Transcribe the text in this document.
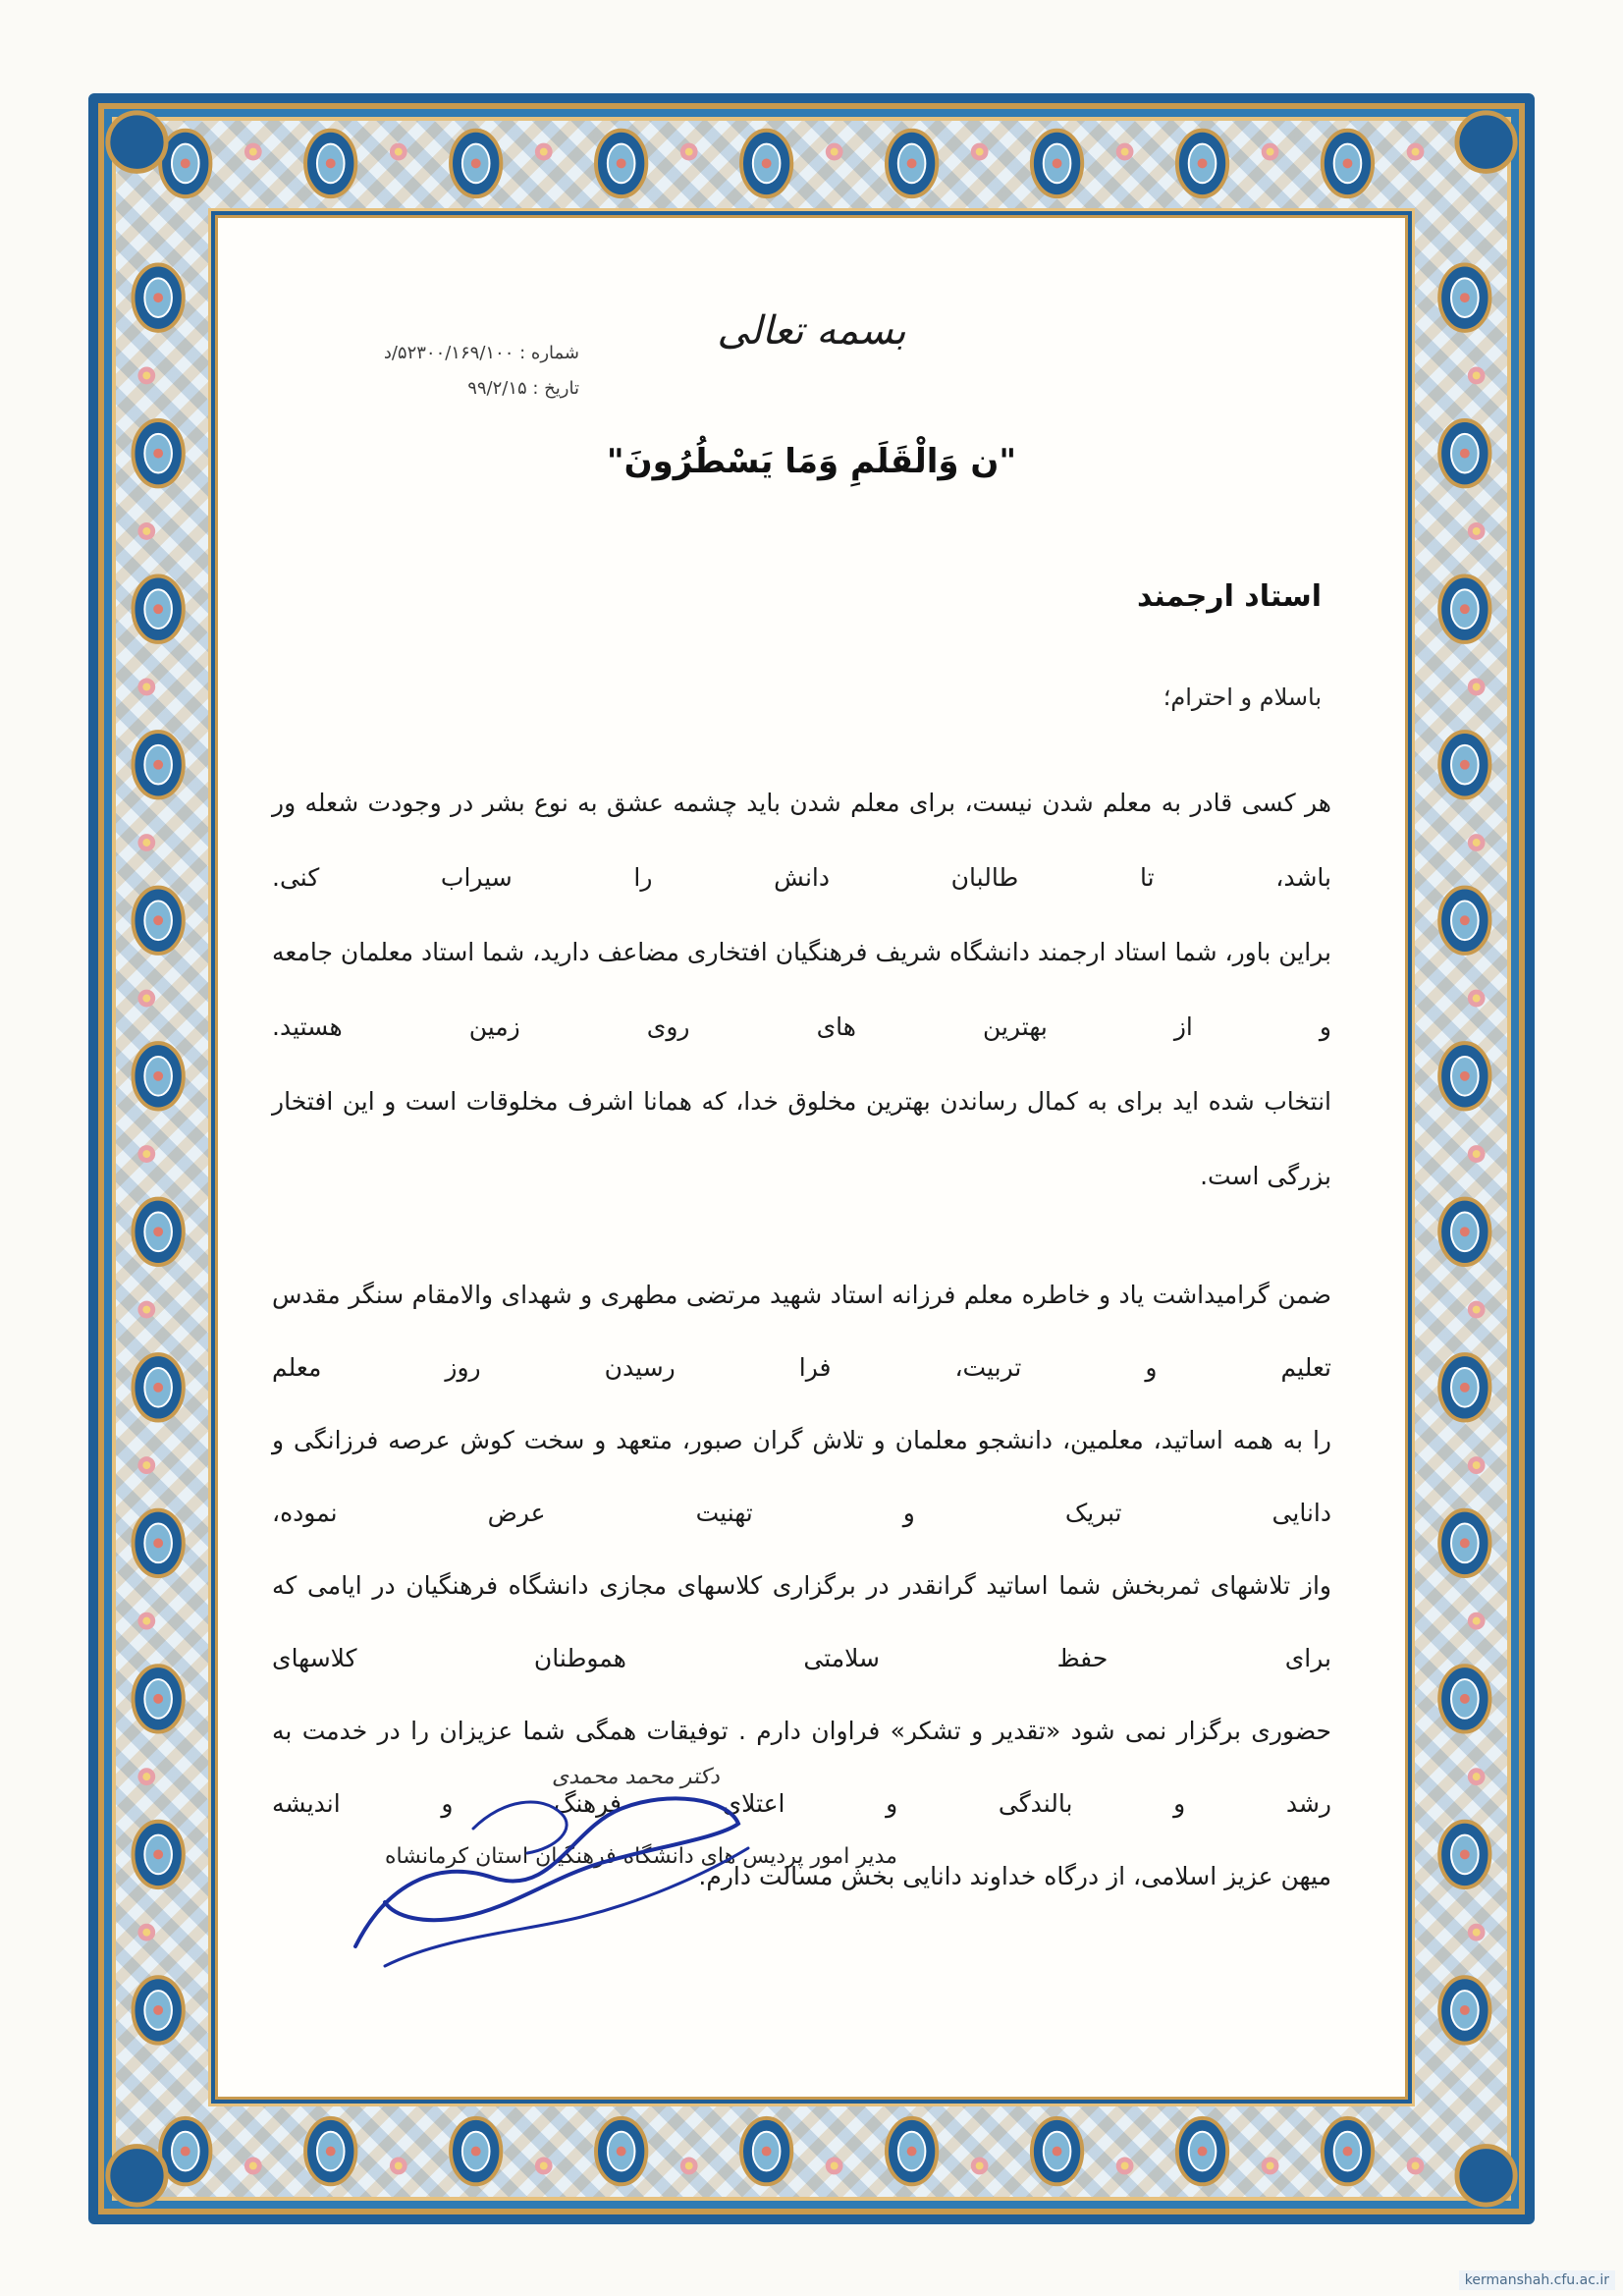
بسمه تعالی
شماره : ۵۲۳۰۰/۱۶۹/۱۰۰/د
تاریخ : ۹۹/۲/۱۵
"ن وَالْقَلَمِ وَمَا یَسْطُرُونَ"
استاد ارجمند
باسلام و احترام؛

هر کسی قادر به معلم شدن نیست، برای معلم شدن باید چشمه عشق به نوع بشر در وجودت شعله ور باشد، تا طالبان دانش را سیراب کنی.

براین باور، شما استاد ارجمند دانشگاه شریف فرهنگیان افتخاری مضاعف دارید، شما استاد معلمان جامعه و از بهترین های روی زمین هستید.

انتخاب شده اید برای به کمال رساندن بهترین مخلوق خدا، که همانا اشرف مخلوقات است و این افتخار بزرگی است.

ضمن گرامیداشت یاد و خاطره معلم فرزانه استاد شهید مرتضی مطهری و شهدای والامقام سنگر مقدس تعلیم و تربیت، فرا رسیدن روز معلم

را به همه اساتید، معلمین، دانشجو معلمان و تلاش گران صبور، متعهد و سخت کوش عرصه فرزانگی و دانایی تبریک و تهنیت عرض نموده،

واز تلاشهای ثمربخش شما اساتید گرانقدر در برگزاری کلاسهای مجازی دانشگاه فرهنگیان در ایامی که برای حفظ سلامتی هموطنان کلاسهای

حضوری برگزار نمی شود «تقدیر و تشکر» فراوان دارم . توفیقات همگی شما عزیزان را در خدمت به رشد و بالندگی و اعتلای فرهنگ و اندیشه

میهن عزیز اسلامی، از درگاه خداوند دانایی بخش مسالت دارم.

دکتر محمد محمدی
مدیر امور پردیس های دانشگاه فرهنگیان استان کرمانشاه
kermanshah.cfu.ac.ir
